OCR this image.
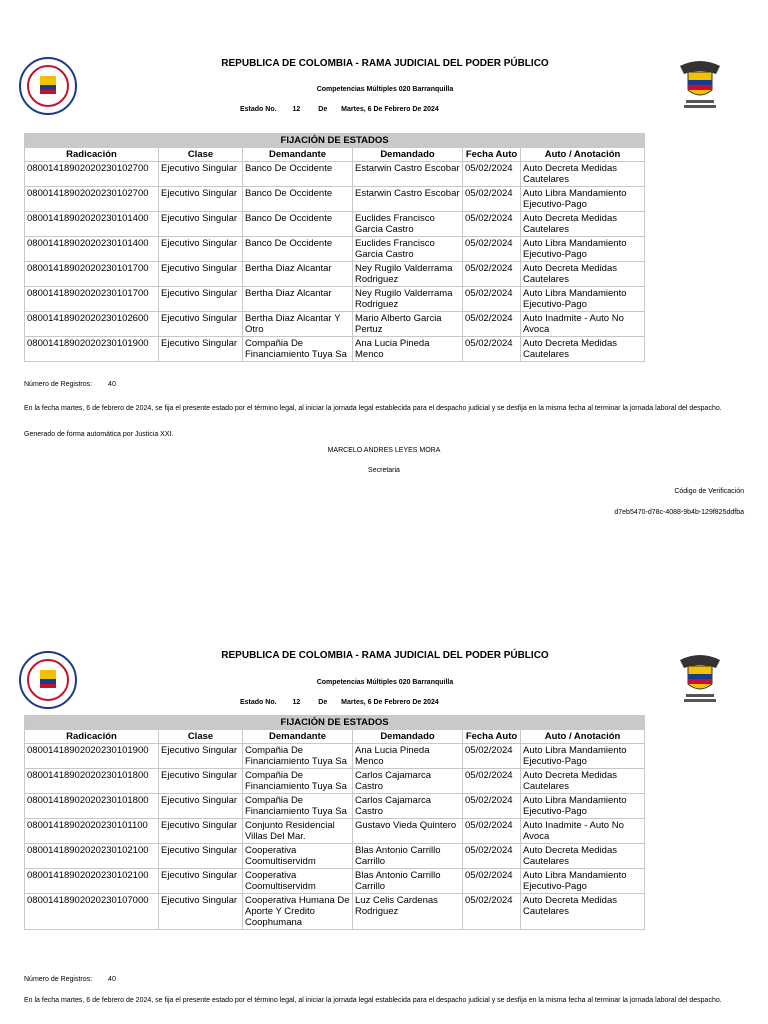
REPUBLICA DE COLOMBIA - RAMA JUDICIAL DEL PODER PÚBLICO
Competencias Múltiples 020 Barranquilla
Estado No. 12	De Martes, 6 De Febrero De 2024
FIJACIÓN DE ESTADOS					
Radicación	Clase	Demandante	Demandado	Fecha Auto	Auto / Anotación
08001418902020230102700	Ejecutivo Singular	Banco De Occidente	Estarwin Castro Escobar	05/02/2024	Auto Decreta Medidas Cautelares
08001418902020230102700	Ejecutivo Singular	Banco De Occidente	Estarwin Castro Escobar	05/02/2024	Auto Libra Mandamiento Ejecutivo-Pago
08001418902020230101400	Ejecutivo Singular	Banco De Occidente	Euclides Francisco Garcia Castro	05/02/2024	Auto Decreta Medidas Cautelares
08001418902020230101400	Ejecutivo Singular	Banco De Occidente	Euclides Francisco Garcia Castro	05/02/2024	Auto Libra Mandamiento Ejecutivo-Pago
08001418902020230101700	Ejecutivo Singular	Bertha Diaz Alcantar	Ney Rugilo Valderrama Rodriguez	05/02/2024	Auto Decreta Medidas Cautelares
08001418902020230101700	Ejecutivo Singular	Bertha Diaz Alcantar	Ney Rugilo Valderrama Rodriguez	05/02/2024	Auto Libra Mandamiento Ejecutivo-Pago
08001418902020230102600	Ejecutivo Singular	Bertha Diaz Alcantar Y Otro	Mario Alberto Garcia Pertuz	05/02/2024	Auto Inadmite - Auto No Avoca
08001418902020230101900	Ejecutivo Singular	Compañia De Financiamiento Tuya Sa	Ana Lucia Pineda Menco	05/02/2024	Auto Decreta Medidas Cautelares
Número de Registros: 40
En la fecha martes, 6 de febrero de 2024, se fija el presente estado por el término legal, al iniciar la jornada legal establecida para el despacho judicial y se desfija en la misma fecha al terminar la jornada laboral del despacho.
Generado de forma automática por Justicia XXI.
MARCELO ANDRES LEYES MORA
Secretaria
Código de Verificación
d7eb5470-d78c-4088-9b4b-129f825ddfba
REPUBLICA DE COLOMBIA - RAMA JUDICIAL DEL PODER PÚBLICO
Competencias Múltiples 020 Barranquilla
Estado No. 12	De Martes, 6 De Febrero De 2024
FIJACIÓN DE ESTADOS					
Radicación	Clase	Demandante	Demandado	Fecha Auto	Auto / Anotación
08001418902020230101900	Ejecutivo Singular	Compañia De Financiamiento Tuya Sa	Ana Lucia Pineda Menco	05/02/2024	Auto Libra Mandamiento Ejecutivo-Pago
08001418902020230101800	Ejecutivo Singular	Compañia De Financiamiento Tuya Sa	Carlos Cajamarca Castro	05/02/2024	Auto Decreta Medidas Cautelares
08001418902020230101800	Ejecutivo Singular	Compañia De Financiamiento Tuya Sa	Carlos Cajamarca Castro	05/02/2024	Auto Libra Mandamiento Ejecutivo-Pago
08001418902020230101100	Ejecutivo Singular	Conjunto Residencial Villas Del Mar.	Gustavo Vieda Quintero	05/02/2024	Auto Inadmite - Auto No Avoca
08001418902020230102100	Ejecutivo Singular	Cooperativa Coomultiservidm	Blas Antonio Carrillo Carrillo	05/02/2024	Auto Decreta Medidas Cautelares
08001418902020230102100	Ejecutivo Singular	Cooperativa Coomultiservidm	Blas Antonio Carrillo Carrillo	05/02/2024	Auto Libra Mandamiento Ejecutivo-Pago
08001418902020230107000	Ejecutivo Singular	Cooperativa Humana De Aporte Y Credito Coophumana	Luz Celis Cardenas Rodriguez	05/02/2024	Auto Decreta Medidas Cautelares
Número de Registros: 40
En la fecha martes, 6 de febrero de 2024, se fija el presente estado por el término legal, al iniciar la jornada legal establecida para el despacho judicial y se desfija en la misma fecha al terminar la jornada laboral del despacho.
